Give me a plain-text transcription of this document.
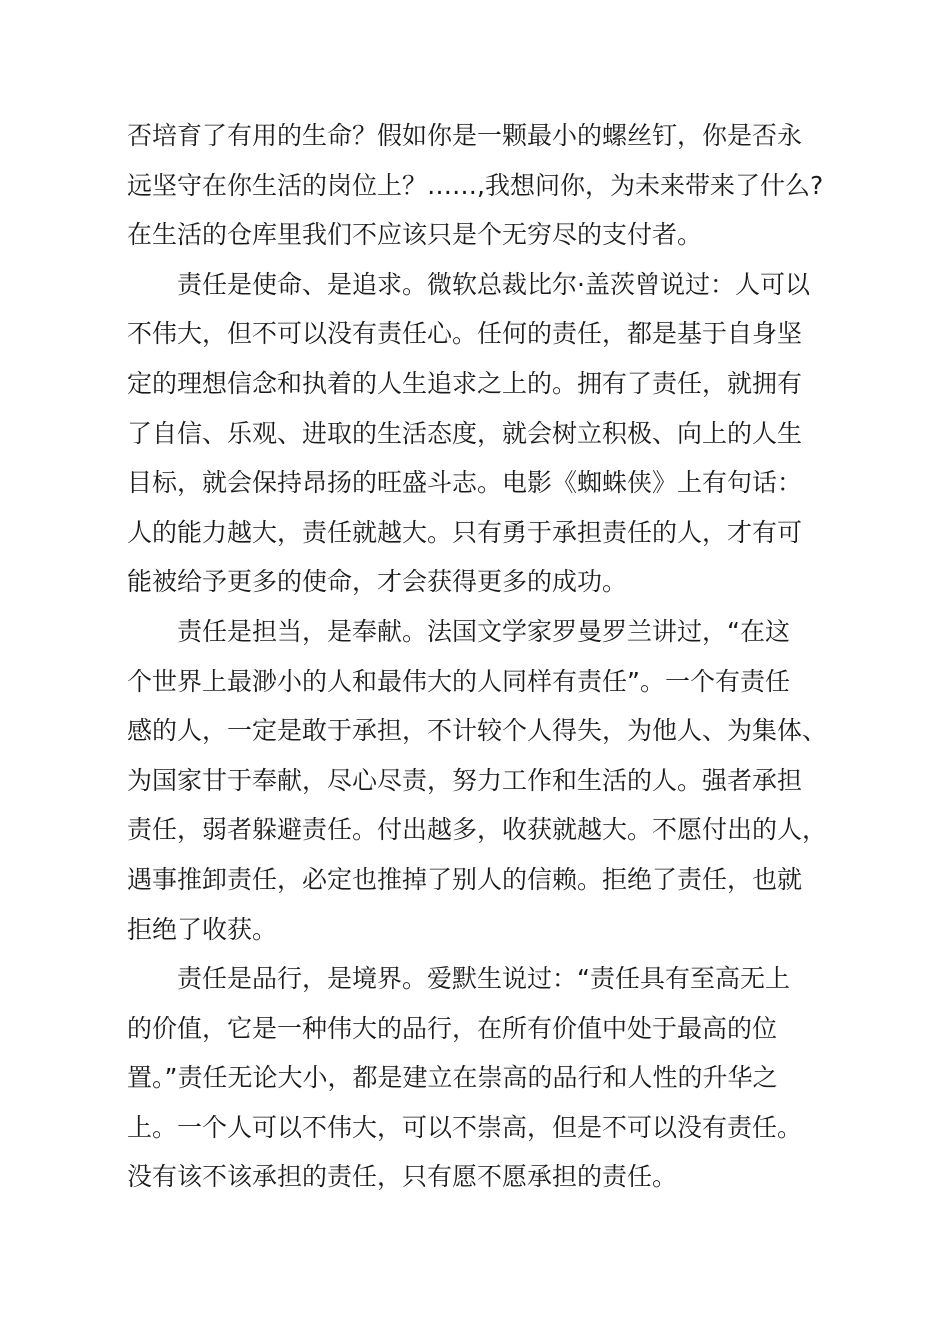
否培育了有用的生命？假如你是一颗最小的螺丝钉，你是否永
远坚守在你生活的岗位上？……,我想问你，为未来带来了什么?
在生活的仓库里我们不应该只是个无穷尽的支付者。
责任是使命、是追求。微软总裁比尔·盖茨曾说过：人可以
不伟大，但不可以没有责任心。任何的责任，都是基于自身坚
定的理想信念和执着的人生追求之上的。拥有了责任，就拥有
了自信、乐观、进取的生活态度，就会树立积极、向上的人生
目标，就会保持昂扬的旺盛斗志。电影《蜘蛛侠》上有句话：
人的能力越大，责任就越大。只有勇于承担责任的人，才有可
能被给予更多的使命，才会获得更多的成功。
责任是担当，是奉献。法国文学家罗曼罗兰讲过，“在这
个世界上最渺小的人和最伟大的人同样有责任”。一个有责任
感的人，一定是敢于承担，不计较个人得失，为他人、为集体、
为国家甘于奉献，尽心尽责，努力工作和生活的人。强者承担
责任，弱者躲避责任。付出越多，收获就越大。不愿付出的人，
遇事推卸责任，必定也推掉了别人的信赖。拒绝了责任，也就
拒绝了收获。
责任是品行，是境界。爱默生说过：“责任具有至高无上
的价值，它是一种伟大的品行，在所有价值中处于最高的位
置。”责任无论大小，都是建立在崇高的品行和人性的升华之
上。一个人可以不伟大，可以不崇高，但是不可以没有责任。
没有该不该承担的责任，只有愿不愿承担的责任。
